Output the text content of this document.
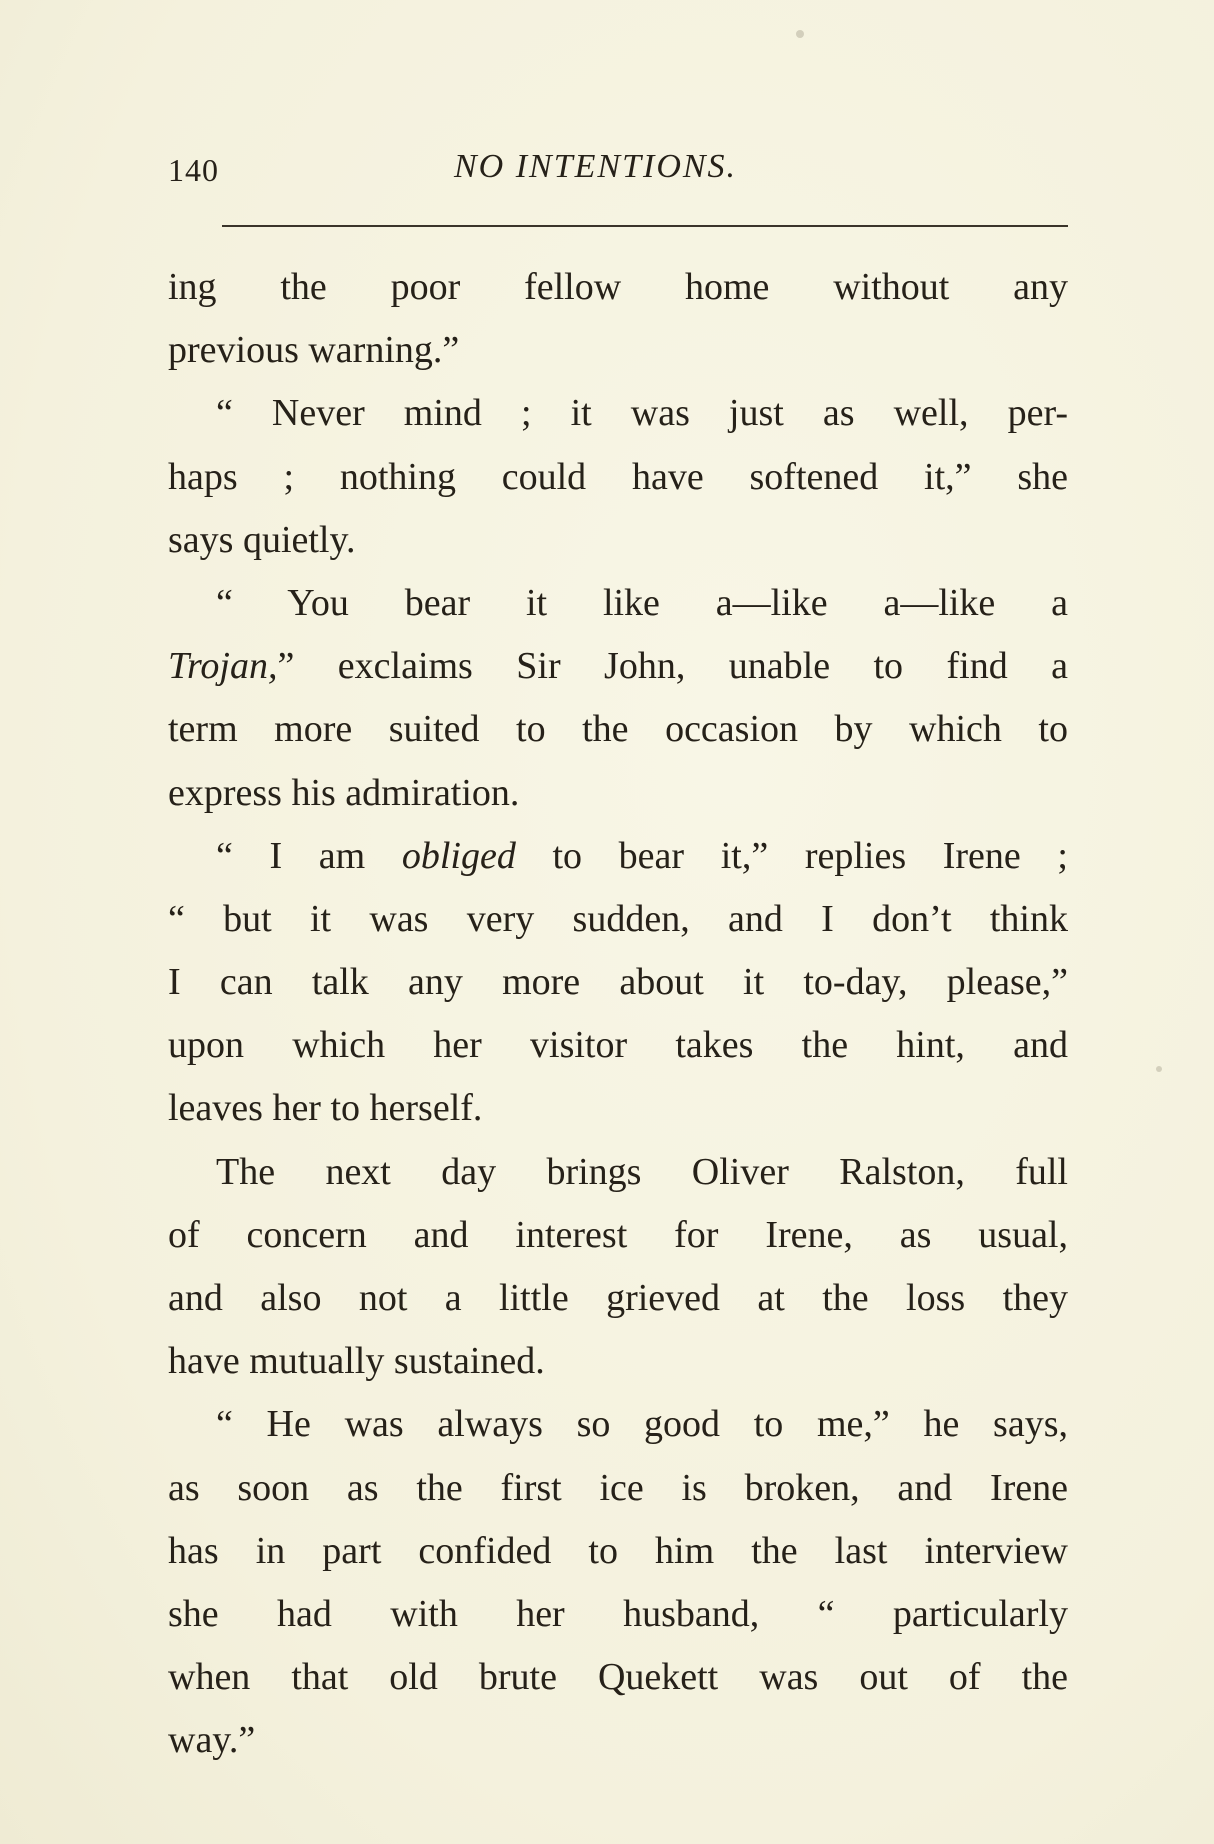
140	NO INTENTIONS.
ing the poor fellow home without any
previous warning.”
“ Never mind ; it was just as well, per-
haps ; nothing could have softened it,” she
says quietly.
“ You bear it like a—like a—like a
Trojan,” exclaims Sir John, unable to find a
term more suited to the occasion by which to
express his admiration.
“ I am obliged to bear it,” replies Irene ;
“ but it was very sudden, and I don’t think
I can talk any more about it to-day, please,”
upon which her visitor takes the hint, and
leaves her to herself.
The next day brings Oliver Ralston, full
of concern and interest for Irene, as usual,
and also not a little grieved at the loss they
have mutually sustained.
“ He was always so good to me,” he says,
as soon as the first ice is broken, and Irene
has in part confided to him the last interview
she had with her husband, “ particularly
when that old brute Quekett was out of the
way.”
